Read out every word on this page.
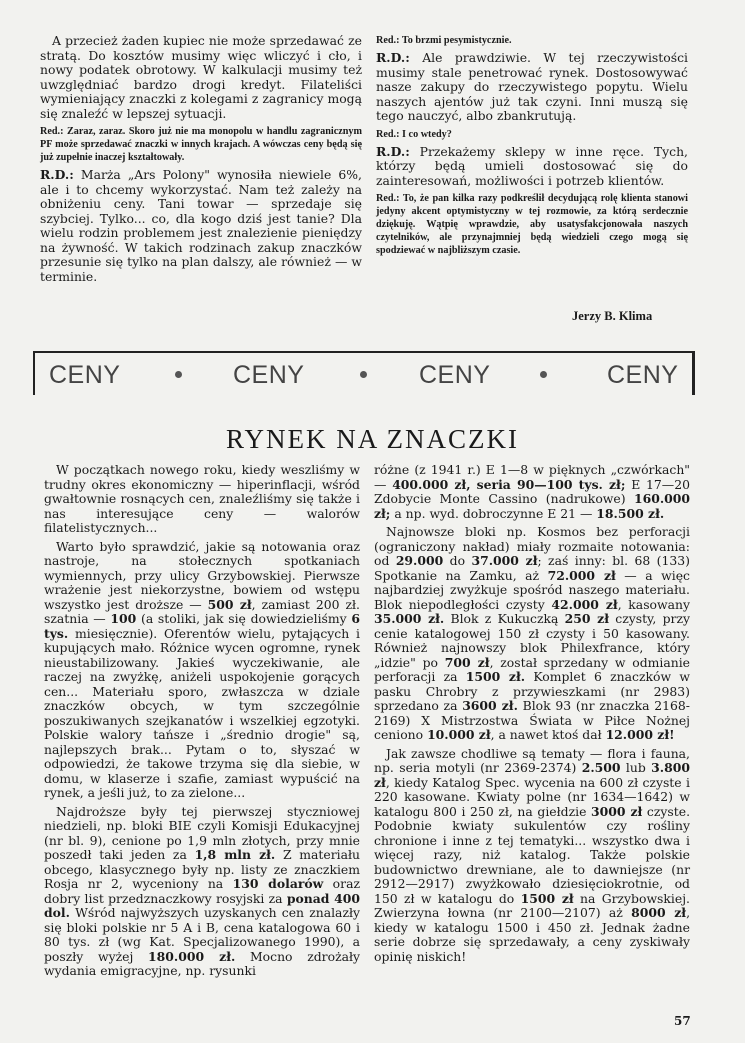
A przecież żaden kupiec nie może sprzedawać ze stratą. Do kosztów musimy więc wliczyć i cło, i nowy podatek obrotowy. W kalkulacji musimy też uwzględniać bardzo drogi kredyt. Filateliści wymieniający znaczki z kolegami z zagranicy mogą się znaleźć w lepszej sytuacji.

Red.: Zaraz, zaraz. Skoro już nie ma monopolu w handlu zagranicznym PF może sprzedawać znaczki w innych krajach. A wówczas ceny będą się już zupełnie inaczej kształtowały.

R.D.: Marża „Ars Polony" wynosiła niewiele 6%, ale i to chcemy wykorzystać. Nam też zależy na obniżeniu ceny. Tani towar — sprzedaje się szybciej. Tylko... co, dla kogo dziś jest tanie? Dla wielu rodzin problemem jest znalezienie pieniędzy na żywność. W takich rodzinach zakup znaczków przesunie się tylko na plan dalszy, ale również — w terminie.

Red.: To brzmi pesymistycznie.

R.D.: Ale prawdziwie. W tej rzeczywistości musimy stale penetrować rynek. Dostosowywać nasze zakupy do rzeczywistego popytu. Wielu naszych ajentów już tak czyni. Inni muszą się tego nauczyć, albo zbankrutują.

Red.: I co wtedy?

R.D.: Przekażemy sklepy w inne ręce. Tych, którzy będą umieli dostosować się do zainteresowań, możliwości i potrzeb klientów.

Red.: To, że pan kilka razy podkreślił decydującą rolę klienta stanowi jedyny akcent optymistyczny w tej rozmowie, za którą serdecznie dziękuję. Wątpię wprawdzie, aby usatysfakcjonowała naszych czytelników, ale przynajmniej będą wiedzieli czego mogą się spodziewać w najbliższym czasie.

Jerzy B. Klima
CENY	CENY	CENY	CENY
RYNEK NA ZNACZKI

W początkach nowego roku, kiedy weszliśmy w trudny okres ekonomiczny — hiperinflacji, wśród gwałtownie rosnących cen, znaleźliśmy się także i nas interesujące ceny — walorów filatelistycznych...

Warto było sprawdzić, jakie są notowania oraz nastroje, na stołecznych spotkaniach wymiennych, przy ulicy Grzybowskiej. Pierwsze wrażenie jest niekorzystne, bowiem od wstępu wszystko jest droższe — 500 zł, zamiast 200 zł. szatnia — 100 (a stoliki, jak się dowiedzieliśmy 6 tys. miesięcznie). Oferentów wielu, pytających i kupujących mało. Różnice wycen ogromne, rynek nieustabilizowany. Jakieś wyczekiwanie, ale raczej na zwyżkę, aniżeli uspokojenie gorących cen... Materiału sporo, zwłaszcza w dziale znaczków obcych, w tym szczególnie poszukiwanych szejkanatów i wszelkiej egzotyki. Polskie walory tańsze i „średnio drogie" są, najlepszych brak... Pytam o to, słyszać w odpowiedzi, że takowe trzyma się dla siebie, w domu, w klaserze i szafie, zamiast wypuścić na rynek, a jeśli już, to za zielone...

Najdroższe były tej pierwszej styczniowej niedzieli, np. bloki BIE czyli Komisji Edukacyjnej (nr bl. 9), cenione po 1,9 mln złotych, przy mnie poszedł taki jeden za 1,8 mln zł. Z materiału obcego, klasycznego były np. listy ze znaczkiem Rosja nr 2, wyceniony na 130 dolarów oraz dobry list przedznaczkowy rosyjski za ponad 400 dol. Wśród najwyższych uzyskanych cen znalazły się bloki polskie nr 5 A i B, cena katalogowa 60 i 80 tys. zł (wg Kat. Specjalizowanego 1990), a poszły wyżej 180.000 zł. Mocno zdrożały wydania emigracyjne, np. rysunki

różne (z 1941 r.) E 1—8 w pięknych „czwórkach" — 400.000 zł, seria 90—100 tys. zł; E 17—20 Zdobycie Monte Cassino (nadrukowe) 160.000 zł; a np. wyd. dobroczynne E 21 — 18.500 zł.

Najnowsze bloki np. Kosmos bez perforacji (ograniczony nakład) miały rozmaite notowania: od 29.000 do 37.000 zł; zaś inny: bl. 68 (133) Spotkanie na Zamku, aż 72.000 zł — a więc najbardziej zwyżkuje spośród naszego materiału. Blok niepodległości czysty 42.000 zł, kasowany 35.000 zł. Blok z Kukuczką 250 zł czysty, przy cenie katalogowej 150 zł czysty i 50 kasowany. Również najnowszy blok Philexfrance, który „idzie" po 700 zł, został sprzedany w odmianie perforacji za 1500 zł. Komplet 6 znaczków w pasku Chrobry z przywieszkami (nr 2983) sprzedano za 3600 zł. Blok 93 (nr znaczka 2168-2169) X Mistrzostwa Świata w Piłce Nożnej ceniono 10.000 zł, a nawet ktoś dał 12.000 zł!

Jak zawsze chodliwe są tematy — flora i fauna, np. seria motyli (nr 2369-2374) 2.500 lub 3.800 zł, kiedy Katalog Spec. wycenia na 600 zł czyste i 220 kasowane. Kwiaty polne (nr 1634—1642) w katalogu 800 i 250 zł, na giełdzie 3000 zł czyste. Podobnie kwiaty sukulentów czy rośliny chronione i inne z tej tematyki... wszystko dwa i więcej razy, niż katalog. Także polskie budownictwo drewniane, ale to dawniejsze (nr 2912—2917) zwyżkowało dziesięciokrotnie, od 150 zł w katalogu do 1500 zł na Grzybowskiej. Zwierzyna łowna (nr 2100—2107) aż 8000 zł, kiedy w katalogu 1500 i 450 zł. Jednak żadne serie dobrze się sprzedawały, a ceny zyskiwały opinię niskich!

57
